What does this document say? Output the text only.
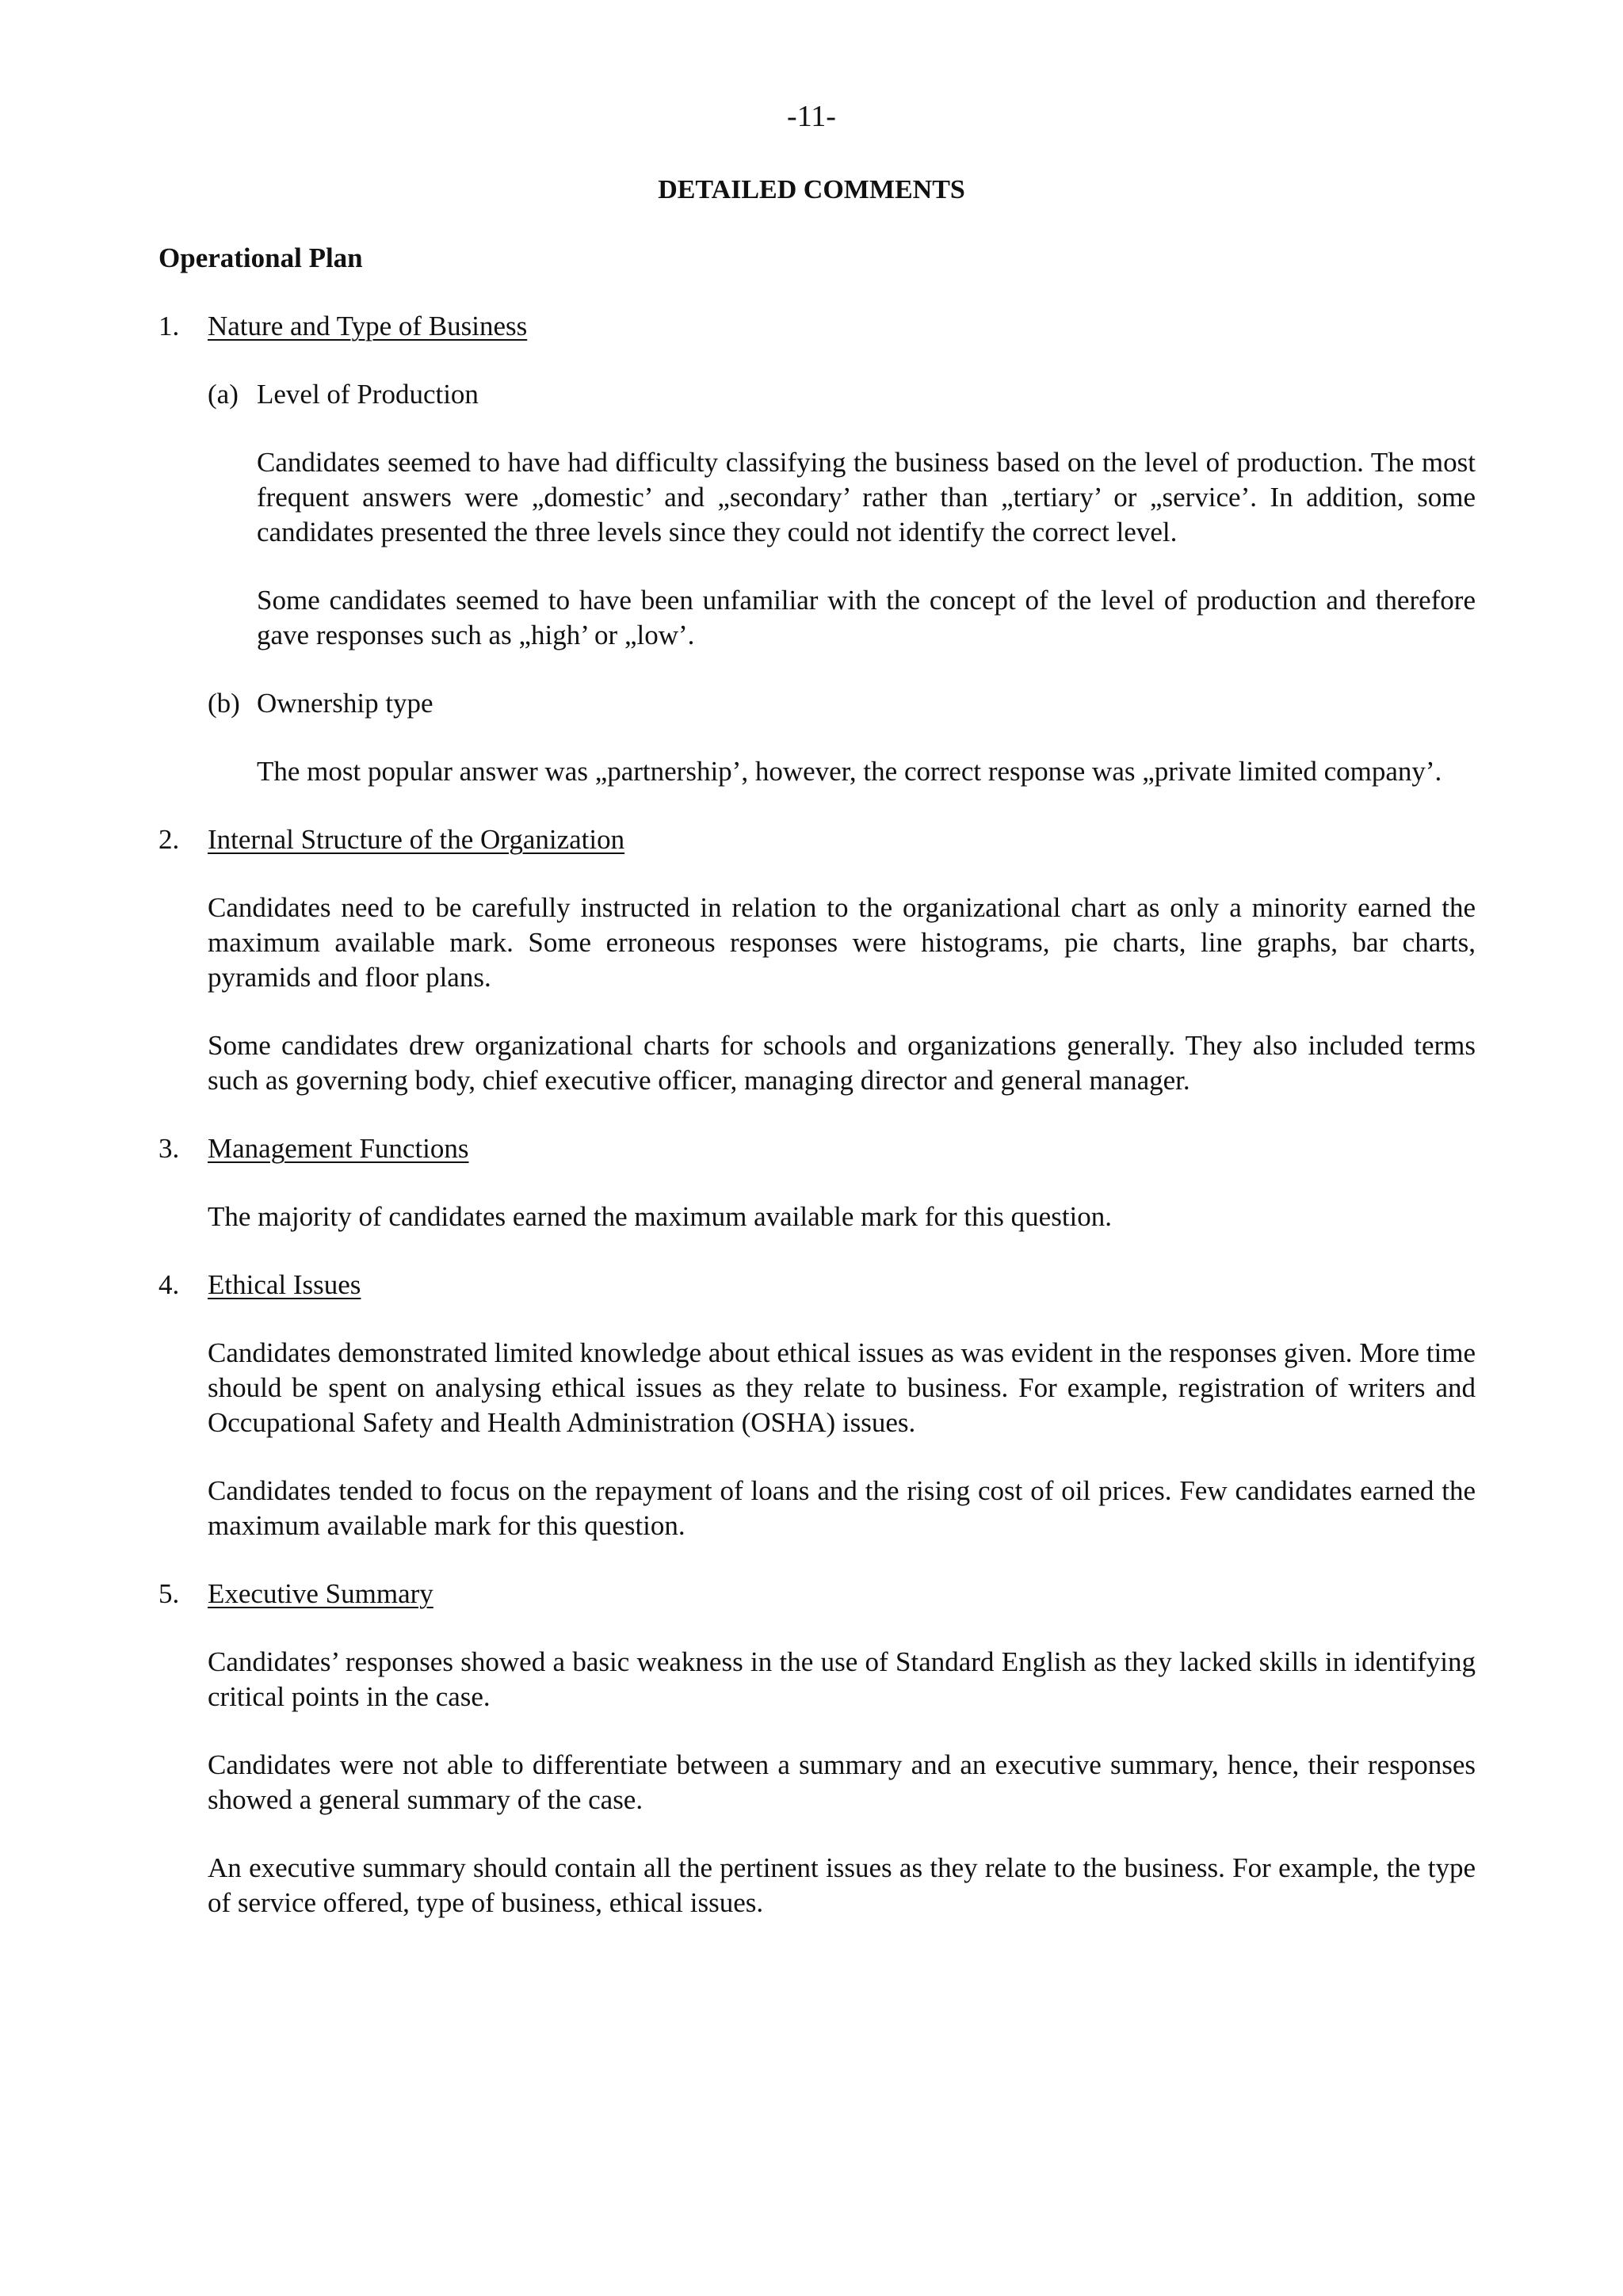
-11-
DETAILED COMMENTS
Operational Plan
1. Nature and Type of Business
(a) Level of Production

Candidates seemed to have had difficulty classifying the business based on the level of production. The most frequent answers were „domestic’ and „secondary’ rather than „tertiary’ or „service’. In addition, some candidates presented the three levels since they could not identify the correct level.

Some candidates seemed to have been unfamiliar with the concept of the level of production and therefore gave responses such as „high’ or „low’.

(b) Ownership type

The most popular answer was „partnership’, however, the correct response was „private limited company’.

2. Internal Structure of the Organization

Candidates need to be carefully instructed in relation to the organizational chart as only a minority earned the maximum available mark. Some erroneous responses were histograms, pie charts, line graphs, bar charts, pyramids and floor plans.

Some candidates drew organizational charts for schools and organizations generally. They also included terms such as governing body, chief executive officer, managing director and general manager.

3. Management Functions

The majority of candidates earned the maximum available mark for this question.

4. Ethical Issues

Candidates demonstrated limited knowledge about ethical issues as was evident in the responses given. More time should be spent on analysing ethical issues as they relate to business. For example, registration of writers and Occupational Safety and Health Administration (OSHA) issues.

Candidates tended to focus on the repayment of loans and the rising cost of oil prices. Few candidates earned the maximum available mark for this question.

5. Executive Summary

Candidates’ responses showed a basic weakness in the use of Standard English as they lacked skills in identifying critical points in the case.

Candidates were not able to differentiate between a summary and an executive summary, hence, their responses showed a general summary of the case.

An executive summary should contain all the pertinent issues as they relate to the business. For example, the type of service offered, type of business, ethical issues.
